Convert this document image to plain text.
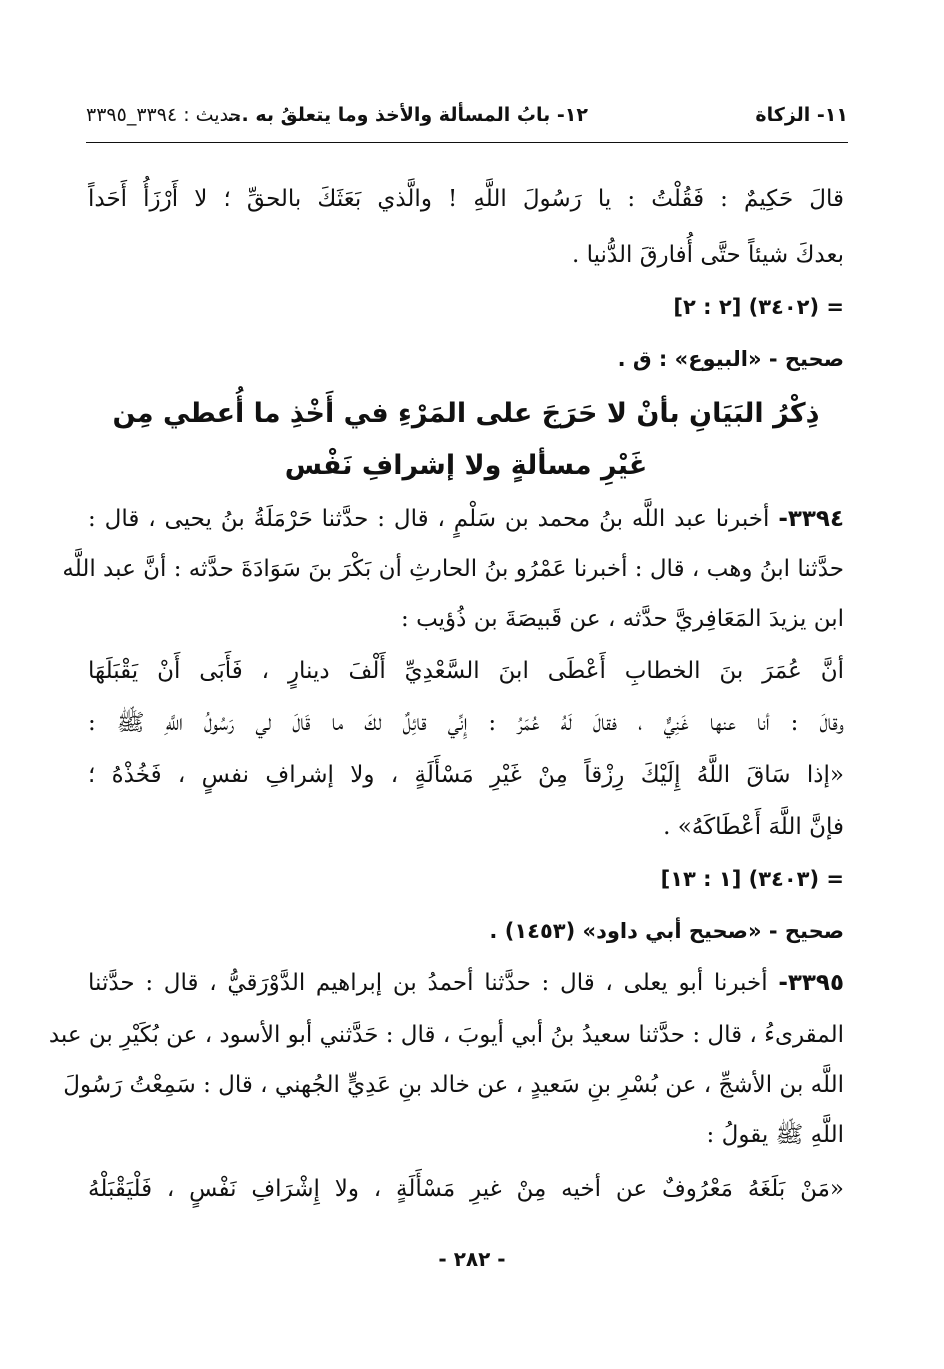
١١- الزكاة
١٢- بابُ المسألة والأخذ وما يتعلقُ به ...
حديث : ٣٣٩٤_٣٣٩٥
قالَ حَكِيمٌ : فَقُلْتُ : يا رَسُولَ اللَّهِ ! والَّذي بَعَثَكَ بالحقِّ ؛ لا أَرْزَأُ أَحَداً
بعدكَ شيئاً حتَّى أُفارقَ الدُّنيا .
= (٣٤٠٢) [٢ : ٢]
صحيح - «البيوع» : ق .
ذِكْرُ البَيَانِ بأنْ لا حَرَجَ على المَرْءِ في أَخْذِ ما أُعطي مِن
غَيْرِ مسألةٍ ولا إشرافِ نَفْس
٣٣٩٤- أخبرنا عبد اللَّه بنُ محمد بن سَلْمٍ ، قال : حدَّثنا حَرْمَلَةُ بنُ يحيى ، قال :
حدَّثنا ابنُ وهب ، قال : أخبرنا عَمْرُو بنُ الحارثِ أن بَكْرَ بنَ سَوَادَةَ حدَّثه : أنَّ عبد اللَّه
ابن يزيدَ المَعَافِريَّ حدَّثه ، عن قَبيصَةَ بن ذُؤيب :
أنَّ عُمَرَ بنَ الخطابِ أَعْطَى ابنَ السَّعْدِيِّ أَلْفَ دينارٍ ، فَأَبَى أَنْ يَقْبَلَهَا
وقالَ : أنا عنها غَنِيٌّ ، فقالَ لَهُ عُمَرُ : إِنِّي قائِلٌ لكَ ما قَالَ لي رَسُولُ اللَّهِ ﷺ :
«إذا سَاقَ اللَّهُ إِلَيْكَ رِزْقاً مِنْ غَيْرِ مَسْأَلَةٍ ، ولا إشرافِ نفسٍ ، فَخُذْهُ ؛
فإنَّ اللَّهَ أَعْطَاكَهُ» .
= (٣٤٠٣) [١ : ١٣]
صحيح - «صحيح أبي داود» (١٤٥٣) .
٣٣٩٥- أخبرنا أبو يعلى ، قال : حدَّثنا أحمدُ بن إبراهيم الدَّوْرَقيُّ ، قال : حدَّثنا
المقرىءُ ، قال : حدَّثنا سعيدُ بنُ أبي أيوبَ ، قال : حَدَّثني أبو الأسود ، عن بُكَيْرِ بن عبد
اللَّه بن الأشجِّ ، عن بُسْرِ بنِ سَعيدٍ ، عن خالد بنِ عَدِيٍّ الجُهني ، قال : سَمِعْتُ رَسُولَ
اللَّهِ ﷺ يقولُ :
«مَنْ بَلَغَهُ مَعْرُوفٌ عن أخيه مِنْ غيرِ مَسْأَلَةٍ ، ولا إِشْرَافِ نَفْسٍ ، فَلْيَقْبَلْهُ
- ٢٨٢ -
